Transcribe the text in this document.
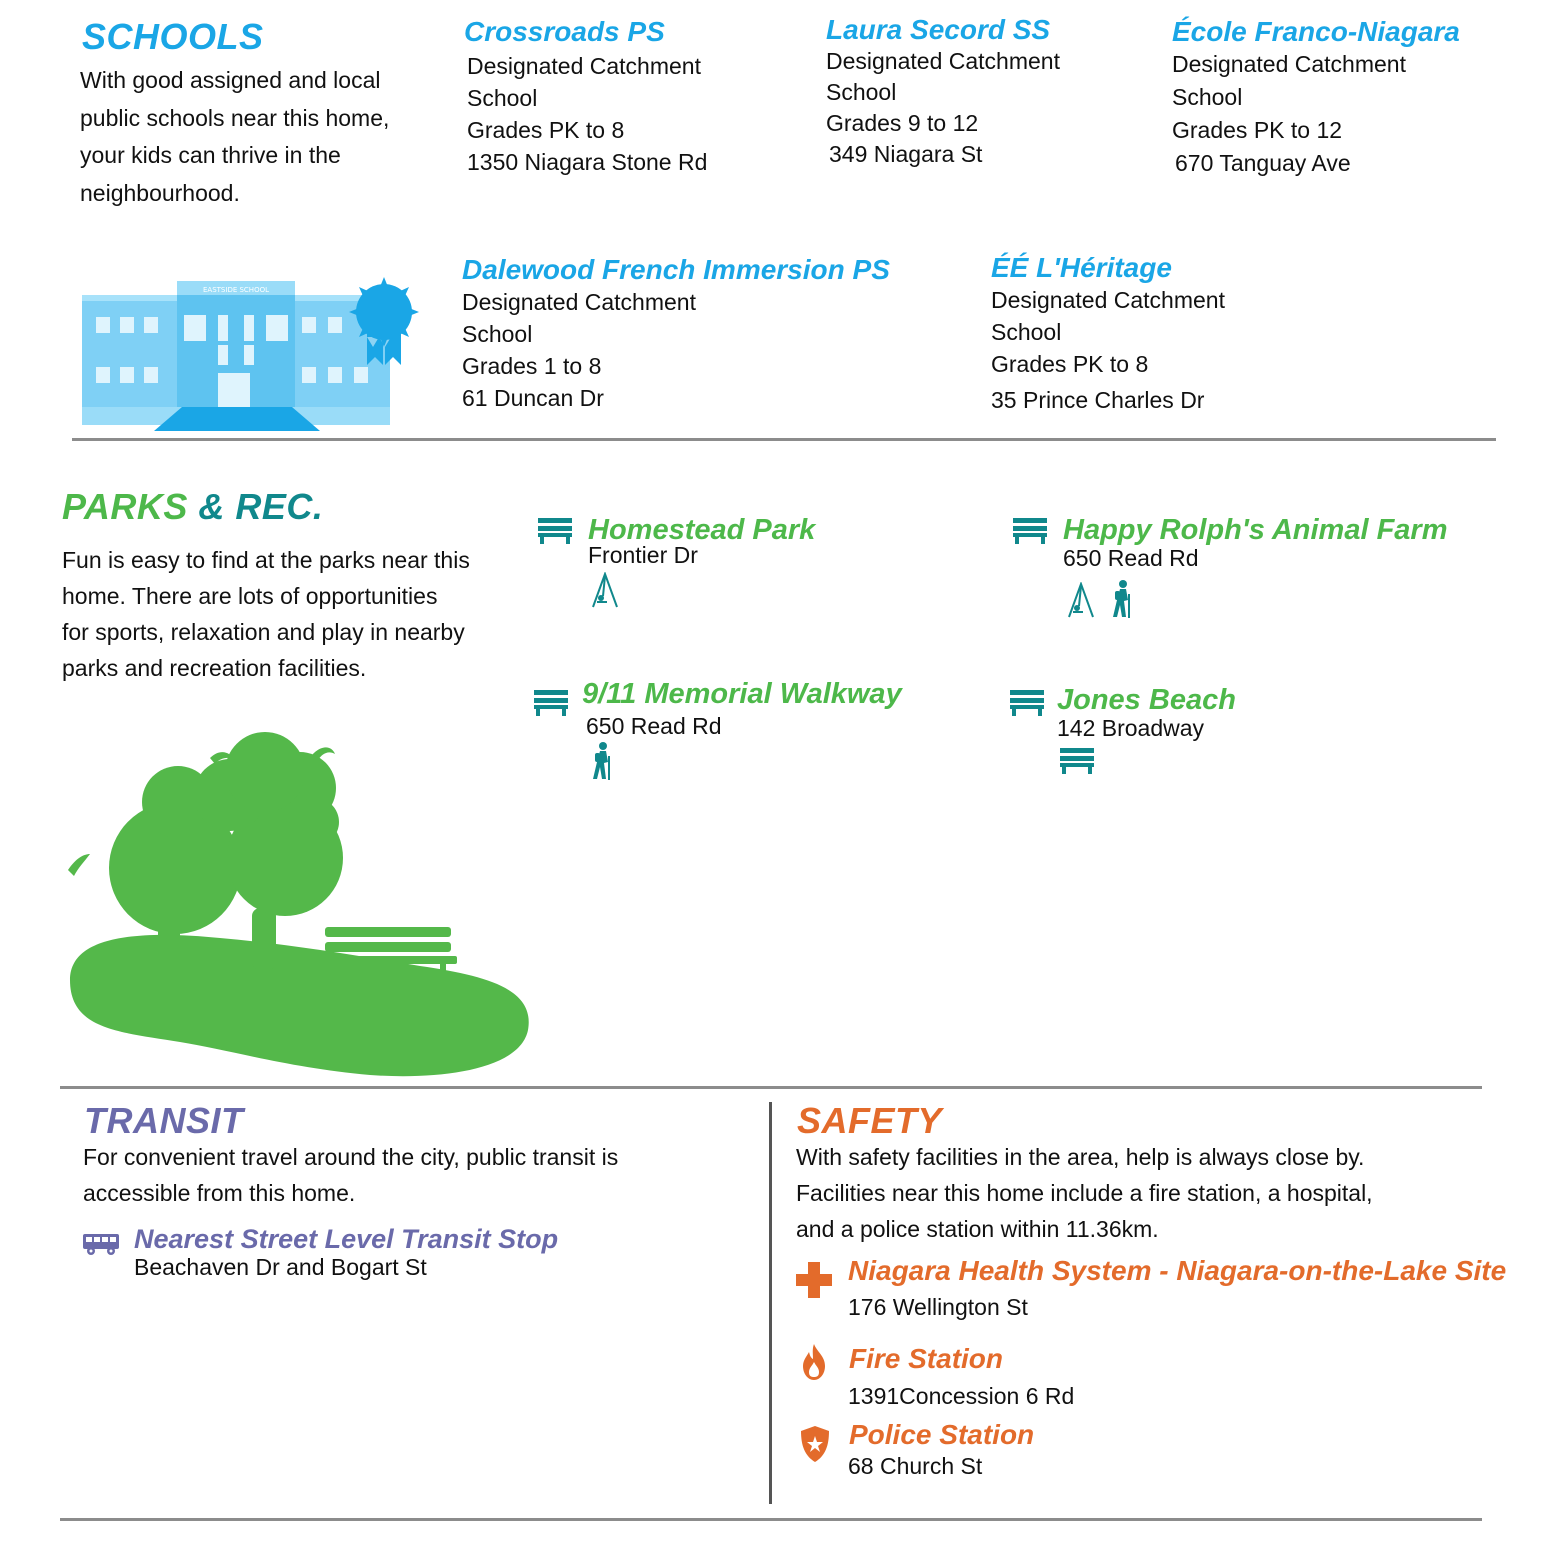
SCHOOLS
With good assigned and local
public schools near this home,
your kids can thrive in the
neighbourhood.
Crossroads PS
Designated Catchment
School
Grades PK to 8
1350 Niagara Stone Rd
Laura Secord SS
Designated Catchment
School
Grades 9 to 12
349 Niagara St
École Franco-Niagara
Designated Catchment
School
Grades PK to 12
670 Tanguay Ave
EASTSIDE SCHOOL
Dalewood French Immersion PS
Designated Catchment
School
Grades 1 to 8
61 Duncan Dr
ÉÉ L'Héritage
Designated Catchment
School
Grades PK to 8
35 Prince Charles Dr
PARKS & REC.
Fun is easy to find at the parks near this
home. There are lots of opportunities
for sports, relaxation and play in nearby
parks and recreation facilities.
Homestead Park
Frontier Dr
Happy Rolph's Animal Farm
650 Read Rd
9/11 Memorial Walkway
650 Read Rd
Jones Beach
142 Broadway
TRANSIT
For convenient travel around the city, public transit is
accessible from this home.
Nearest Street Level Transit Stop
Beachaven Dr and Bogart St
SAFETY
With safety facilities in the area, help is always close by.
Facilities near this home include a fire station, a hospital,
and a police station within 11.36km.
Niagara Health System - Niagara-on-the-Lake Site
176 Wellington St
Fire Station
1391Concession 6 Rd
Police Station
68 Church St
